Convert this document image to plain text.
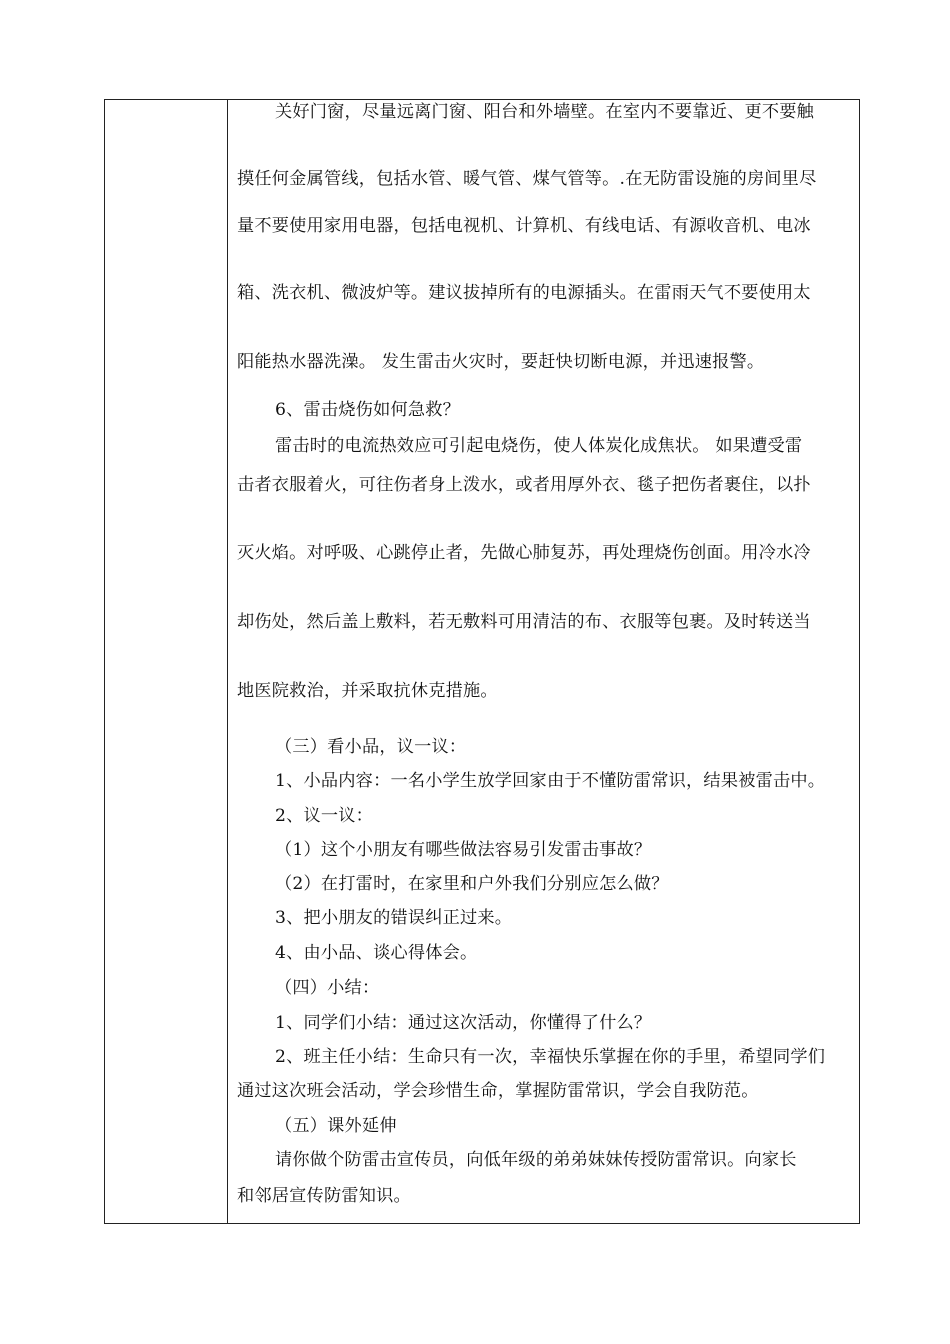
关好门窗，尽量远离门窗、阳台和外墙壁。在室内不要靠近、更不要触
摸任何金属管线，包括水管、暖气管、煤气管等。.在无防雷设施的房间里尽
量不要使用家用电器，包括电视机、计算机、有线电话、有源收音机、电冰
箱、洗衣机、微波炉等。建议拔掉所有的电源插头。在雷雨天气不要使用太
阳能热水器洗澡。 发生雷击火灾时，要赶快切断电源，并迅速报警。
6、雷击烧伤如何急救？
雷击时的电流热效应可引起电烧伤，使人体炭化成焦状。 如果遭受雷
击者衣服着火，可往伤者身上泼水，或者用厚外衣、毯子把伤者裹住，以扑
灭火焰。对呼吸、心跳停止者，先做心肺复苏，再处理烧伤创面。用冷水冷
却伤处，然后盖上敷料，若无敷料可用清洁的布、衣服等包裹。及时转送当
地医院救治，并采取抗休克措施。
（三）看小品，议一议：
1、小品内容：一名小学生放学回家由于不懂防雷常识，结果被雷击中。
2、议一议：
（1）这个小朋友有哪些做法容易引发雷击事故？
（2）在打雷时，在家里和户外我们分别应怎么做？
3、把小朋友的错误纠正过来。
4、由小品、谈心得体会。
（四）小结：
1、同学们小结：通过这次活动，你懂得了什么？
2、班主任小结：生命只有一次，幸福快乐掌握在你的手里，希望同学们
通过这次班会活动，学会珍惜生命，掌握防雷常识，学会自我防范。
（五）课外延伸
请你做个防雷击宣传员，向低年级的弟弟妹妹传授防雷常识。向家长
和邻居宣传防雷知识。
